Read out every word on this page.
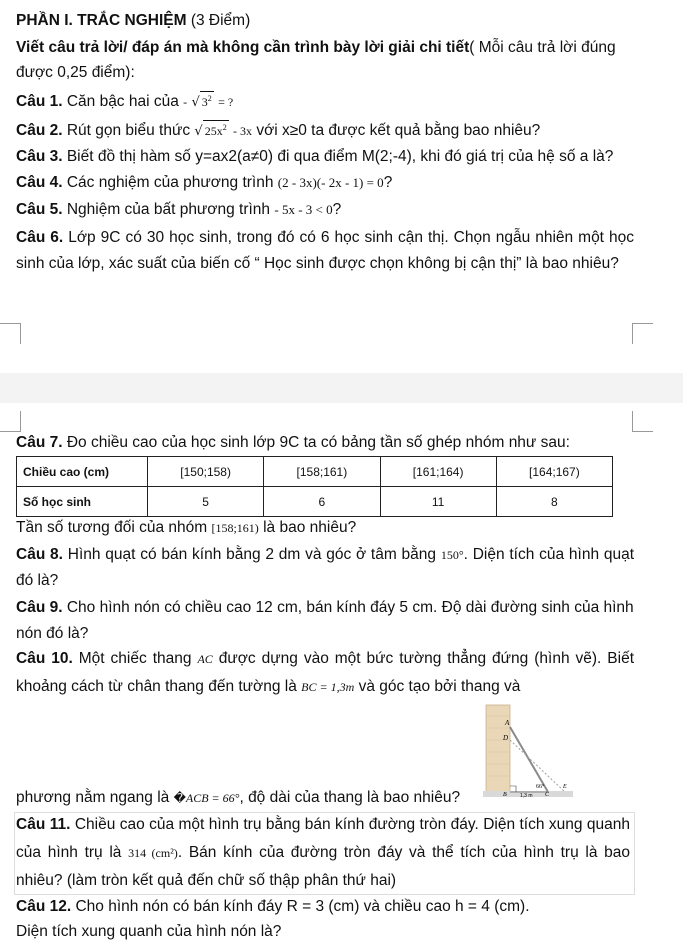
PHẦN I. TRẮC NGHIỆM (3 Điểm)
Viết câu trả lời/ đáp án mà không cần trình bày lời giải chi tiết( Mỗi câu trả lời đúng được 0,25 điểm):
Câu 1. Căn bậc hai của - √ $3^2$ = ?
Câu 2. Rút gọn biểu thức √ $25x^2 - 3x$ với x≥0 ta được kết quả bằng bao nhiêu?
Câu 3. Biết đồ thị hàm số y=ax2(a≠0) đi qua điểm M(2;-4), khi đó giá trị của hệ số a là?
Câu 4. Các nghiệm của phương trình (2 - 3x)(- 2x - 1) = 0?
Câu 5. Nghiệm của bất phương trình - 5x - 3 < 0?
Câu 6. Lớp 9C có 30 học sinh, trong đó có 6 học sinh cận thị. Chọn ngẫu nhiên một học sinh của lớp, xác suất của biến cố “ Học sinh được chọn không bị cận thị” là bao nhiêu?
Câu 7. Đo chiều cao của học sinh lớp 9C ta có bảng tần số ghép nhóm như sau:
Chiều cao (cm)	[150;158)	[158;161)	[161;164)	[164;167)
Số học sinh	5	6	11	8
Tần số tương đối của nhóm [158;161) là bao nhiêu?
Câu 8. Hình quạt có bán kính bằng 2 dm và góc ở tâm bằng 150°. Diện tích của hình quạt đó là?
Câu 9. Cho hình nón có chiều cao 12 cm, bán kính đáy 5 cm. Độ dài đường sinh của hình nón đó là?
Câu 10. Một chiếc thang AC được dựng vào một bức tường thẳng đứng (hình vẽ). Biết khoảng cách từ chân thang đến tường là BC = 1,3m và góc tạo bởi thang và
phương nằm ngang là �ACB = 66°, độ dài của thang là bao nhiêu?
A
D
B	C
E
66°
1,3 m
Câu 11. Chiều cao của một hình trụ bằng bán kính đường tròn đáy. Diện tích xung quanh của hình trụ là 314 (cm²). Bán kính của đường tròn đáy và thể tích của hình trụ là bao nhiêu? (làm tròn kết quả đến chữ số thập phân thứ hai)
Câu 12. Cho hình nón có bán kính đáy R = 3 (cm) và chiều cao h = 4 (cm).
Diện tích xung quanh của hình nón là?
